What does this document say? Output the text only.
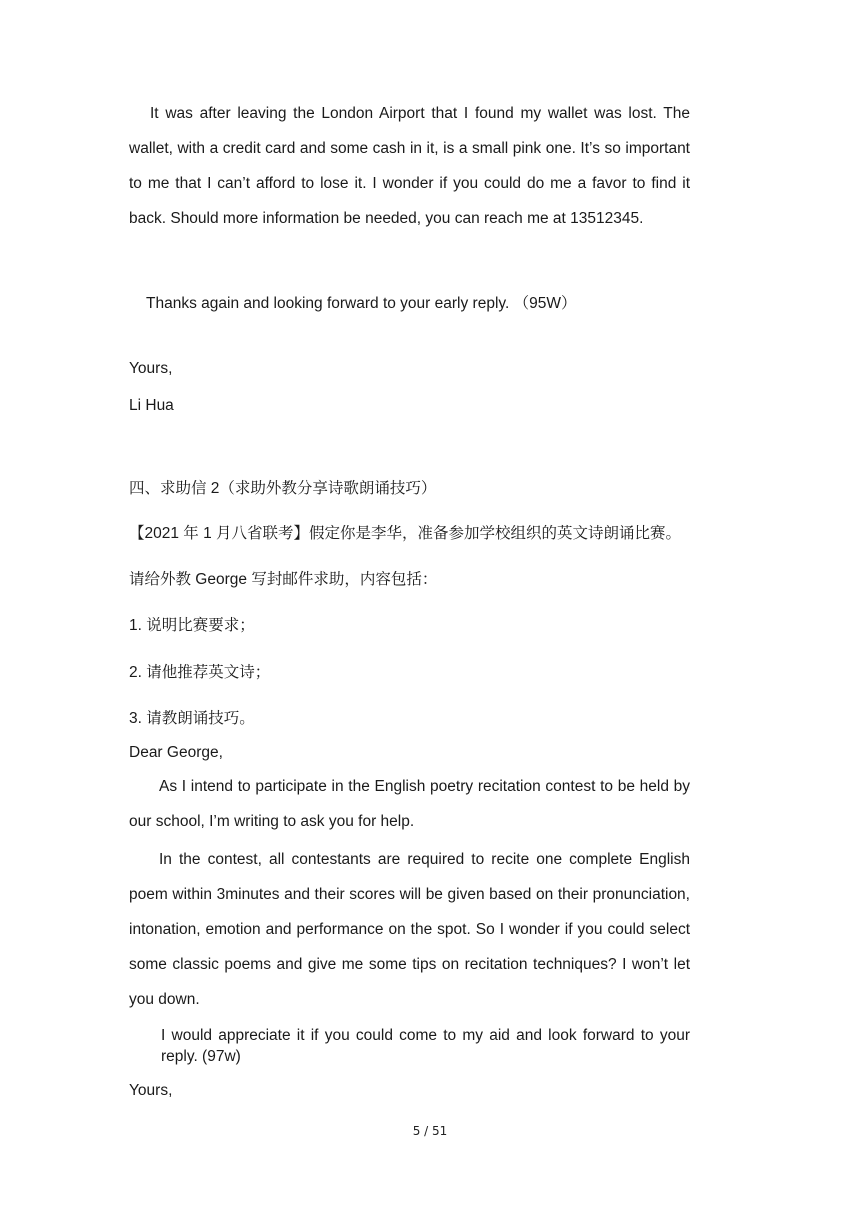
It was after leaving the London Airport that I found my wallet was lost. The wallet, with a credit card and some cash in it, is a small pink one. It’s so important to me that I can’t afford to lose it. I wonder if you could do me a favor to find it back. Should more information be needed, you can reach me at 13512345.

Thanks again and looking forward to your early reply. （95W）

Yours,

Li Hua

四、求助信 2（求助外教分享诗歌朗诵技巧）

【2021 年 1 月八省联考】假定你是李华，准备参加学校组织的英文诗朗诵比赛。

请给外教 George 写封邮件求助，内容包括：

1. 说明比赛要求；

2. 请他推荐英文诗；

3. 请教朗诵技巧。

Dear George,

As I intend to participate in the English poetry recitation contest to be held by our school, I’m writing to ask you for help.

In the contest, all contestants are required to recite one complete English poem within 3minutes and their scores will be given based on their pronunciation, intonation, emotion and performance on the spot. So I wonder if you could select some classic poems and give me some tips on recitation techniques? I won’t let you down.

I would appreciate it if you could come to my aid and look forward to your reply. (97w)

Yours,

5 / 51
